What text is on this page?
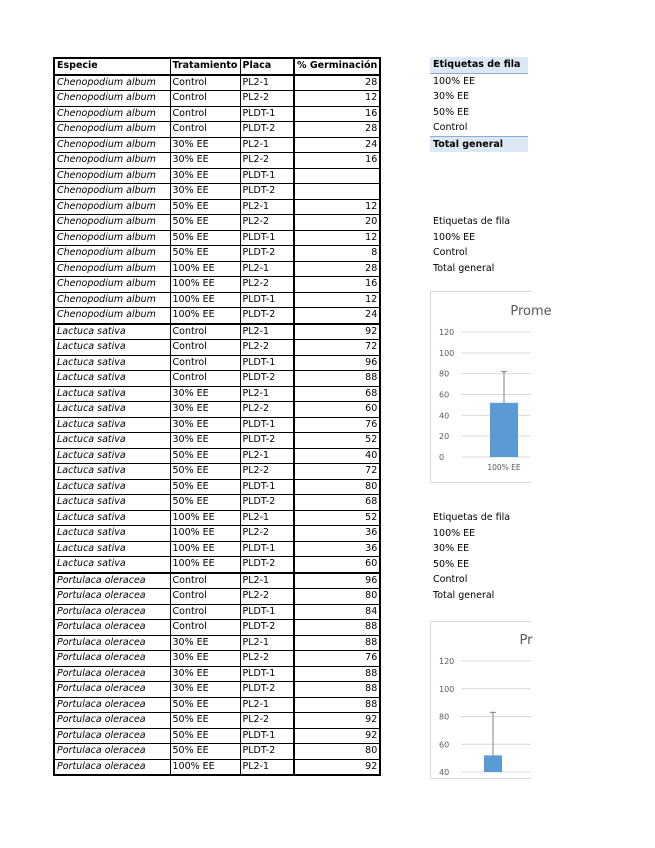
Especie	Tratamiento	Placa	% Germinación
Chenopodium album	Control	PL2-1	28
Chenopodium album	Control	PL2-2	12
Chenopodium album	Control	PLDT-1	16
Chenopodium album	Control	PLDT-2	28
Chenopodium album	30% EE	PL2-1	24
Chenopodium album	30% EE	PL2-2	16
Chenopodium album	30% EE	PLDT-1	
Chenopodium album	30% EE	PLDT-2	
Chenopodium album	50% EE	PL2-1	12
Chenopodium album	50% EE	PL2-2	20
Chenopodium album	50% EE	PLDT-1	12
Chenopodium album	50% EE	PLDT-2	8
Chenopodium album	100% EE	PL2-1	28
Chenopodium album	100% EE	PL2-2	16
Chenopodium album	100% EE	PLDT-1	12
Chenopodium album	100% EE	PLDT-2	24
Lactuca sativa	Control	PL2-1	92
Lactuca sativa	Control	PL2-2	72
Lactuca sativa	Control	PLDT-1	96
Lactuca sativa	Control	PLDT-2	88
Lactuca sativa	30% EE	PL2-1	68
Lactuca sativa	30% EE	PL2-2	60
Lactuca sativa	30% EE	PLDT-1	76
Lactuca sativa	30% EE	PLDT-2	52
Lactuca sativa	50% EE	PL2-1	40
Lactuca sativa	50% EE	PL2-2	72
Lactuca sativa	50% EE	PLDT-1	80
Lactuca sativa	50% EE	PLDT-2	68
Lactuca sativa	100% EE	PL2-1	52
Lactuca sativa	100% EE	PL2-2	36
Lactuca sativa	100% EE	PLDT-1	36
Lactuca sativa	100% EE	PLDT-2	60
Portulaca oleracea	Control	PL2-1	96
Portulaca oleracea	Control	PL2-2	80
Portulaca oleracea	Control	PLDT-1	84
Portulaca oleracea	Control	PLDT-2	88
Portulaca oleracea	30% EE	PL2-1	88
Portulaca oleracea	30% EE	PL2-2	76
Portulaca oleracea	30% EE	PLDT-1	88
Portulaca oleracea	30% EE	PLDT-2	88
Portulaca oleracea	50% EE	PL2-1	88
Portulaca oleracea	50% EE	PL2-2	92
Portulaca oleracea	50% EE	PLDT-1	92
Portulaca oleracea	50% EE	PLDT-2	80
Portulaca oleracea	100% EE	PL2-1	92
Etiquetas de fila
100% EE
30% EE
50% EE
Control
Total general
Etiquetas de fila
100% EE
Control
Total general
Prome
0
20
40
60
80
100
120
100% EE
Etiquetas de fila
100% EE
30% EE
50% EE
Control
Total general
Pr
40
60
80
100
120
